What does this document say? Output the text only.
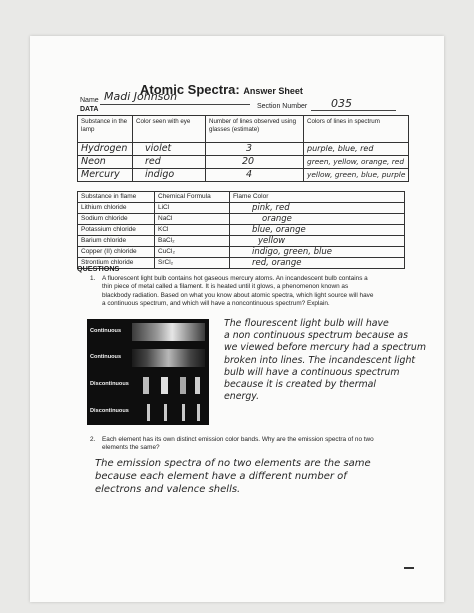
Atomic Spectra: Answer Sheet
Name Madi Johnson
Section Number 035
DATA
Substance in the lamp	Color seen with eye	Number of lines observed using glasses (estimate)	Colors of lines in spectrum
Hydrogen	violet	3	purple, blue, red
Neon	red	20	green, yellow, orange, red
Mercury	indigo	4	yellow, green, blue, purple
Substance in flame	Chemical Formula	Flame Color
Lithium chloride	LiCl	pink, red
Sodium chloride	NaCl	orange
Potassium chloride	KCl	blue, orange
Barium chloride	BaCl₂	yellow
Copper (II) chloride	CuCl₂	indigo, green, blue
Strontium chloride	SrCl₂	red, orange
QUESTIONS
1. A fluorescent light bulb contains hot gaseous mercury atoms. An incandescent bulb contains a
thin piece of metal called a filament. It is heated until it glows, a phenomenon known as
blackbody radiation. Based on what you know about atomic spectra, which light source will have
a continuous spectrum, and which will have a noncontinuous spectrum? Explain.
Continuous
Continuous
Discontinuous
Discontinuous
The flourescent light bulb will have
a non continuous spectrum because as
we viewed before mercury had a spectrum
broken into lines. The incandescent light
bulb will have a continuous spectrum
because it is created by thermal
energy.
2. Each element has its own distinct emission color bands. Why are the emission spectra of no two
elements the same?
The emission spectra of no two elements are the same
because each element have a different number of
electrons and valence shells.
